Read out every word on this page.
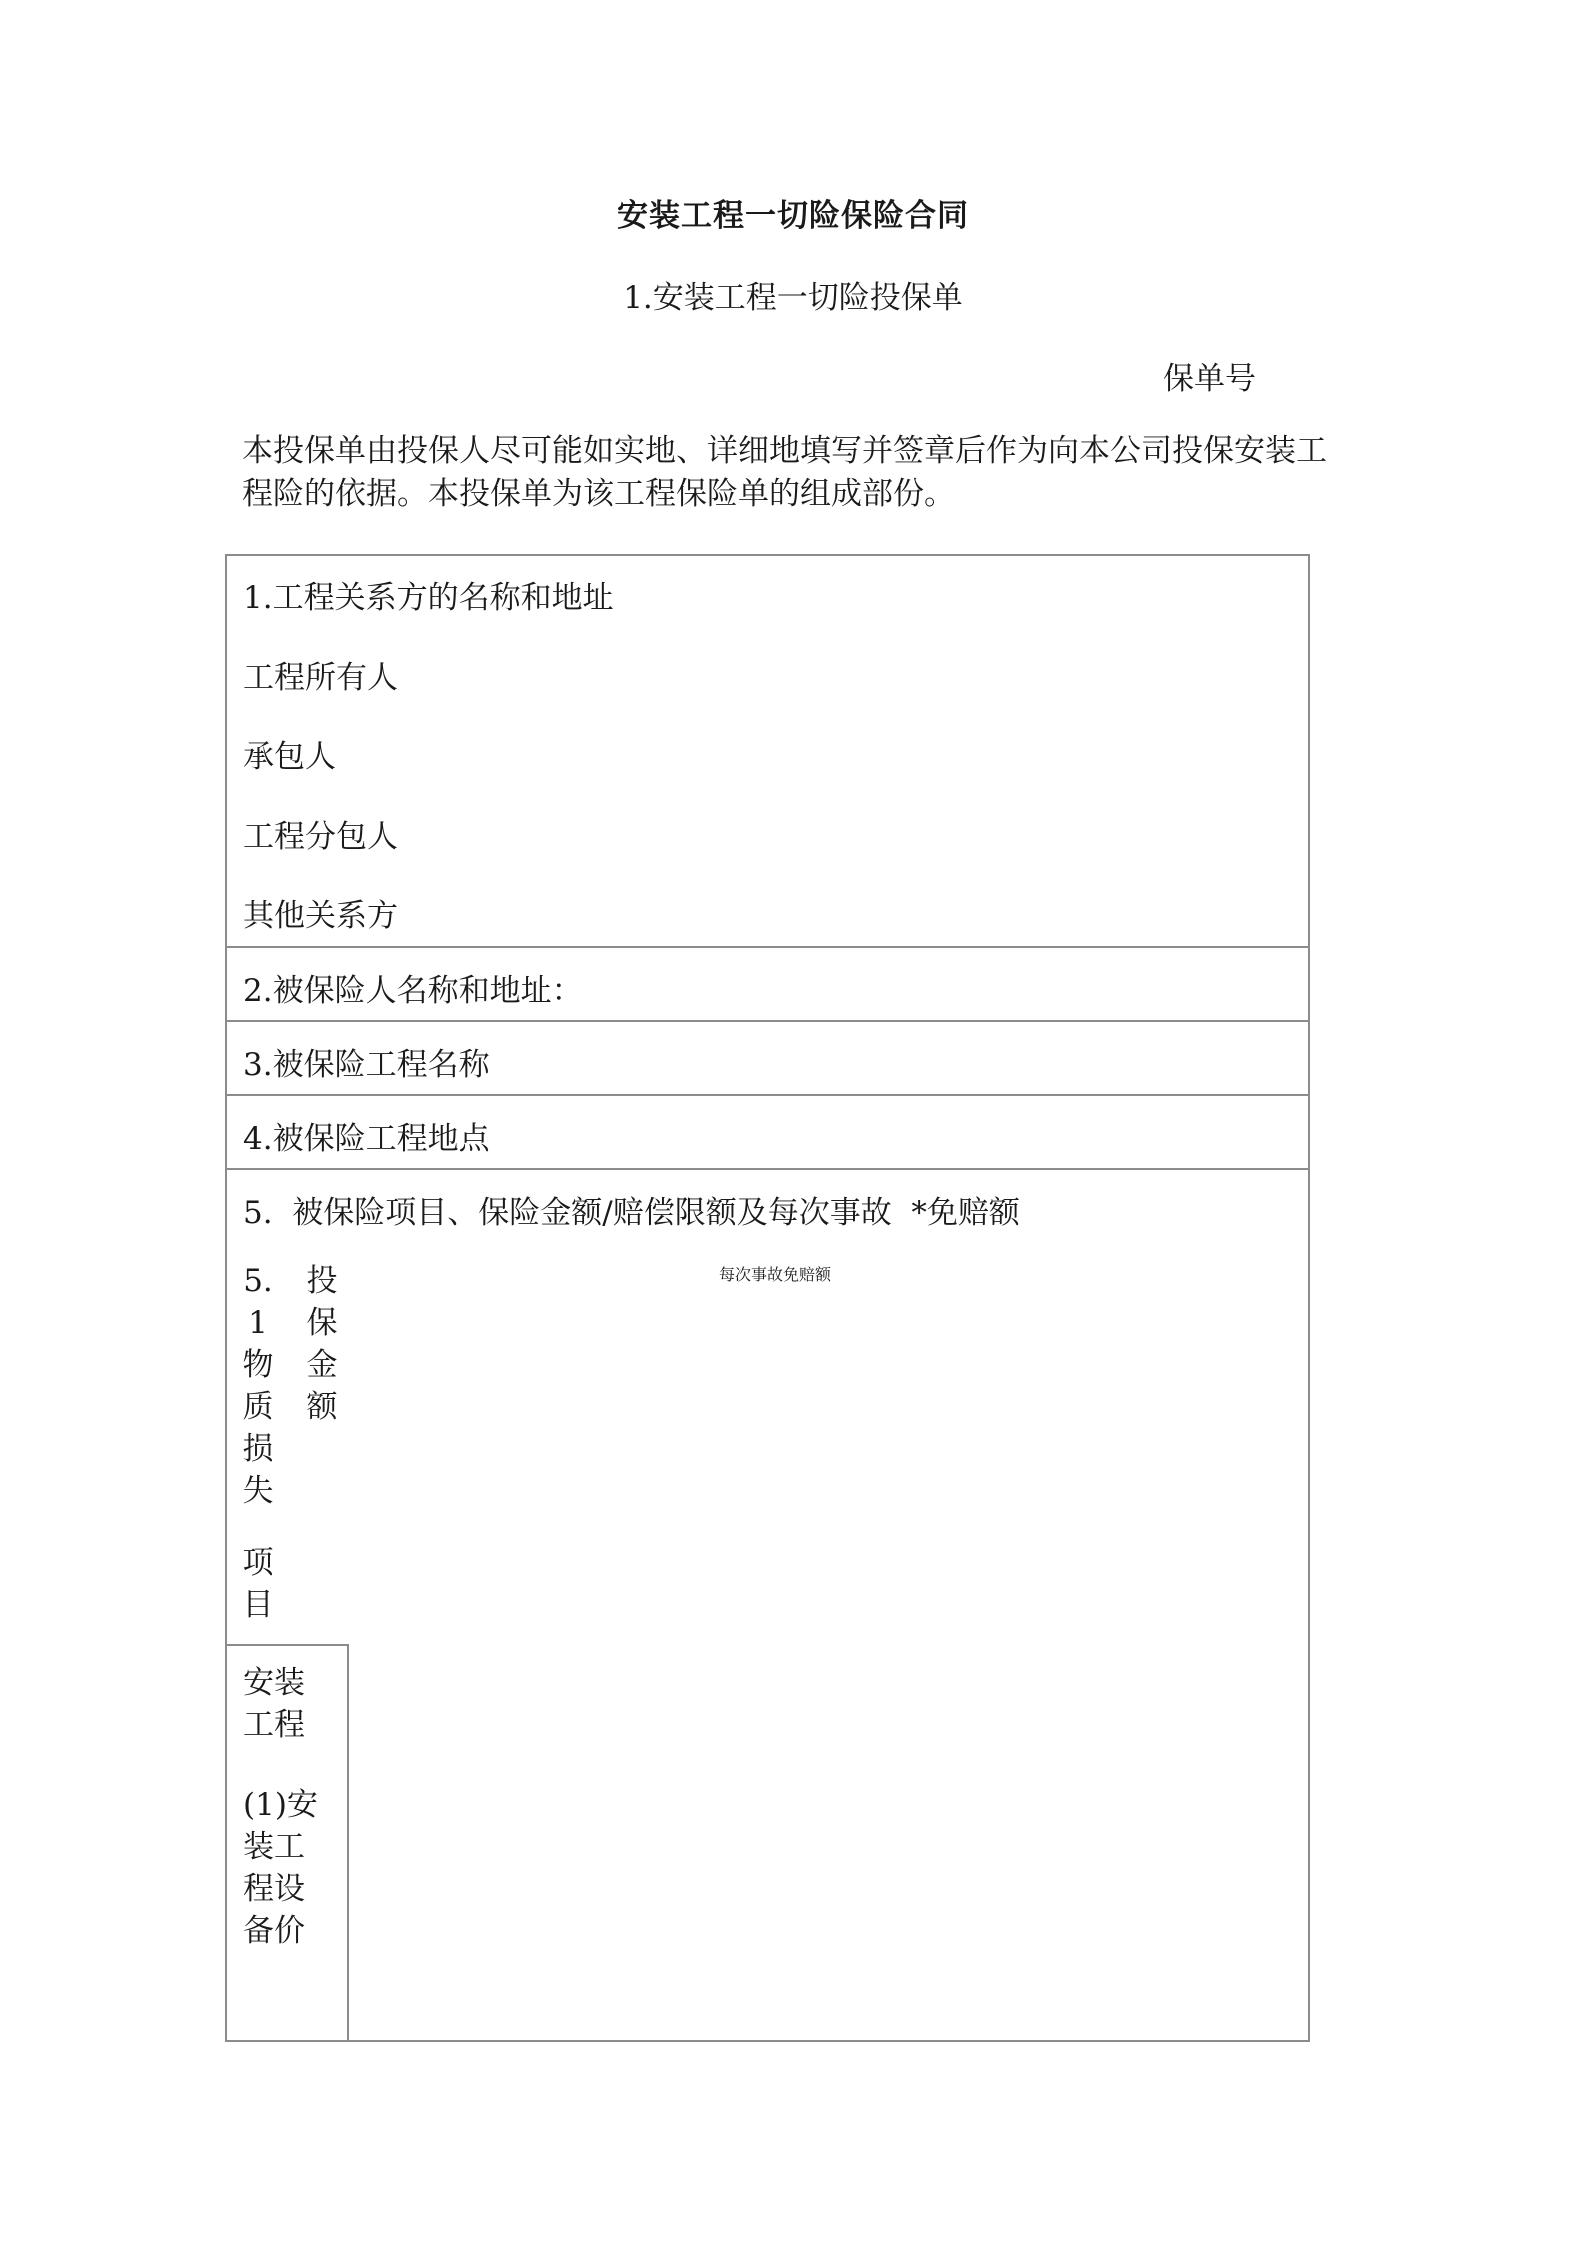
安装工程一切险保险合同
1.安装工程一切险投保单
保单号
本投保单由投保人尽可能如实地、详细地填写并签章后作为向本公司投保安装工
程险的依据。本投保单为该工程保险单的组成部份。
1.工程关系方的名称和地址
工程所有人
承包人
工程分包人
其他关系方
2.被保险人名称和地址：
3.被保险工程名称
4.被保险工程地点
5.  被保险项目、保险金额/赔偿限额及每次事故  *免赔额
5.
1
物
质
损
失
项
目
投
保
金
额
每次事故免赔额
安装工程
(1)安装工程设备价
